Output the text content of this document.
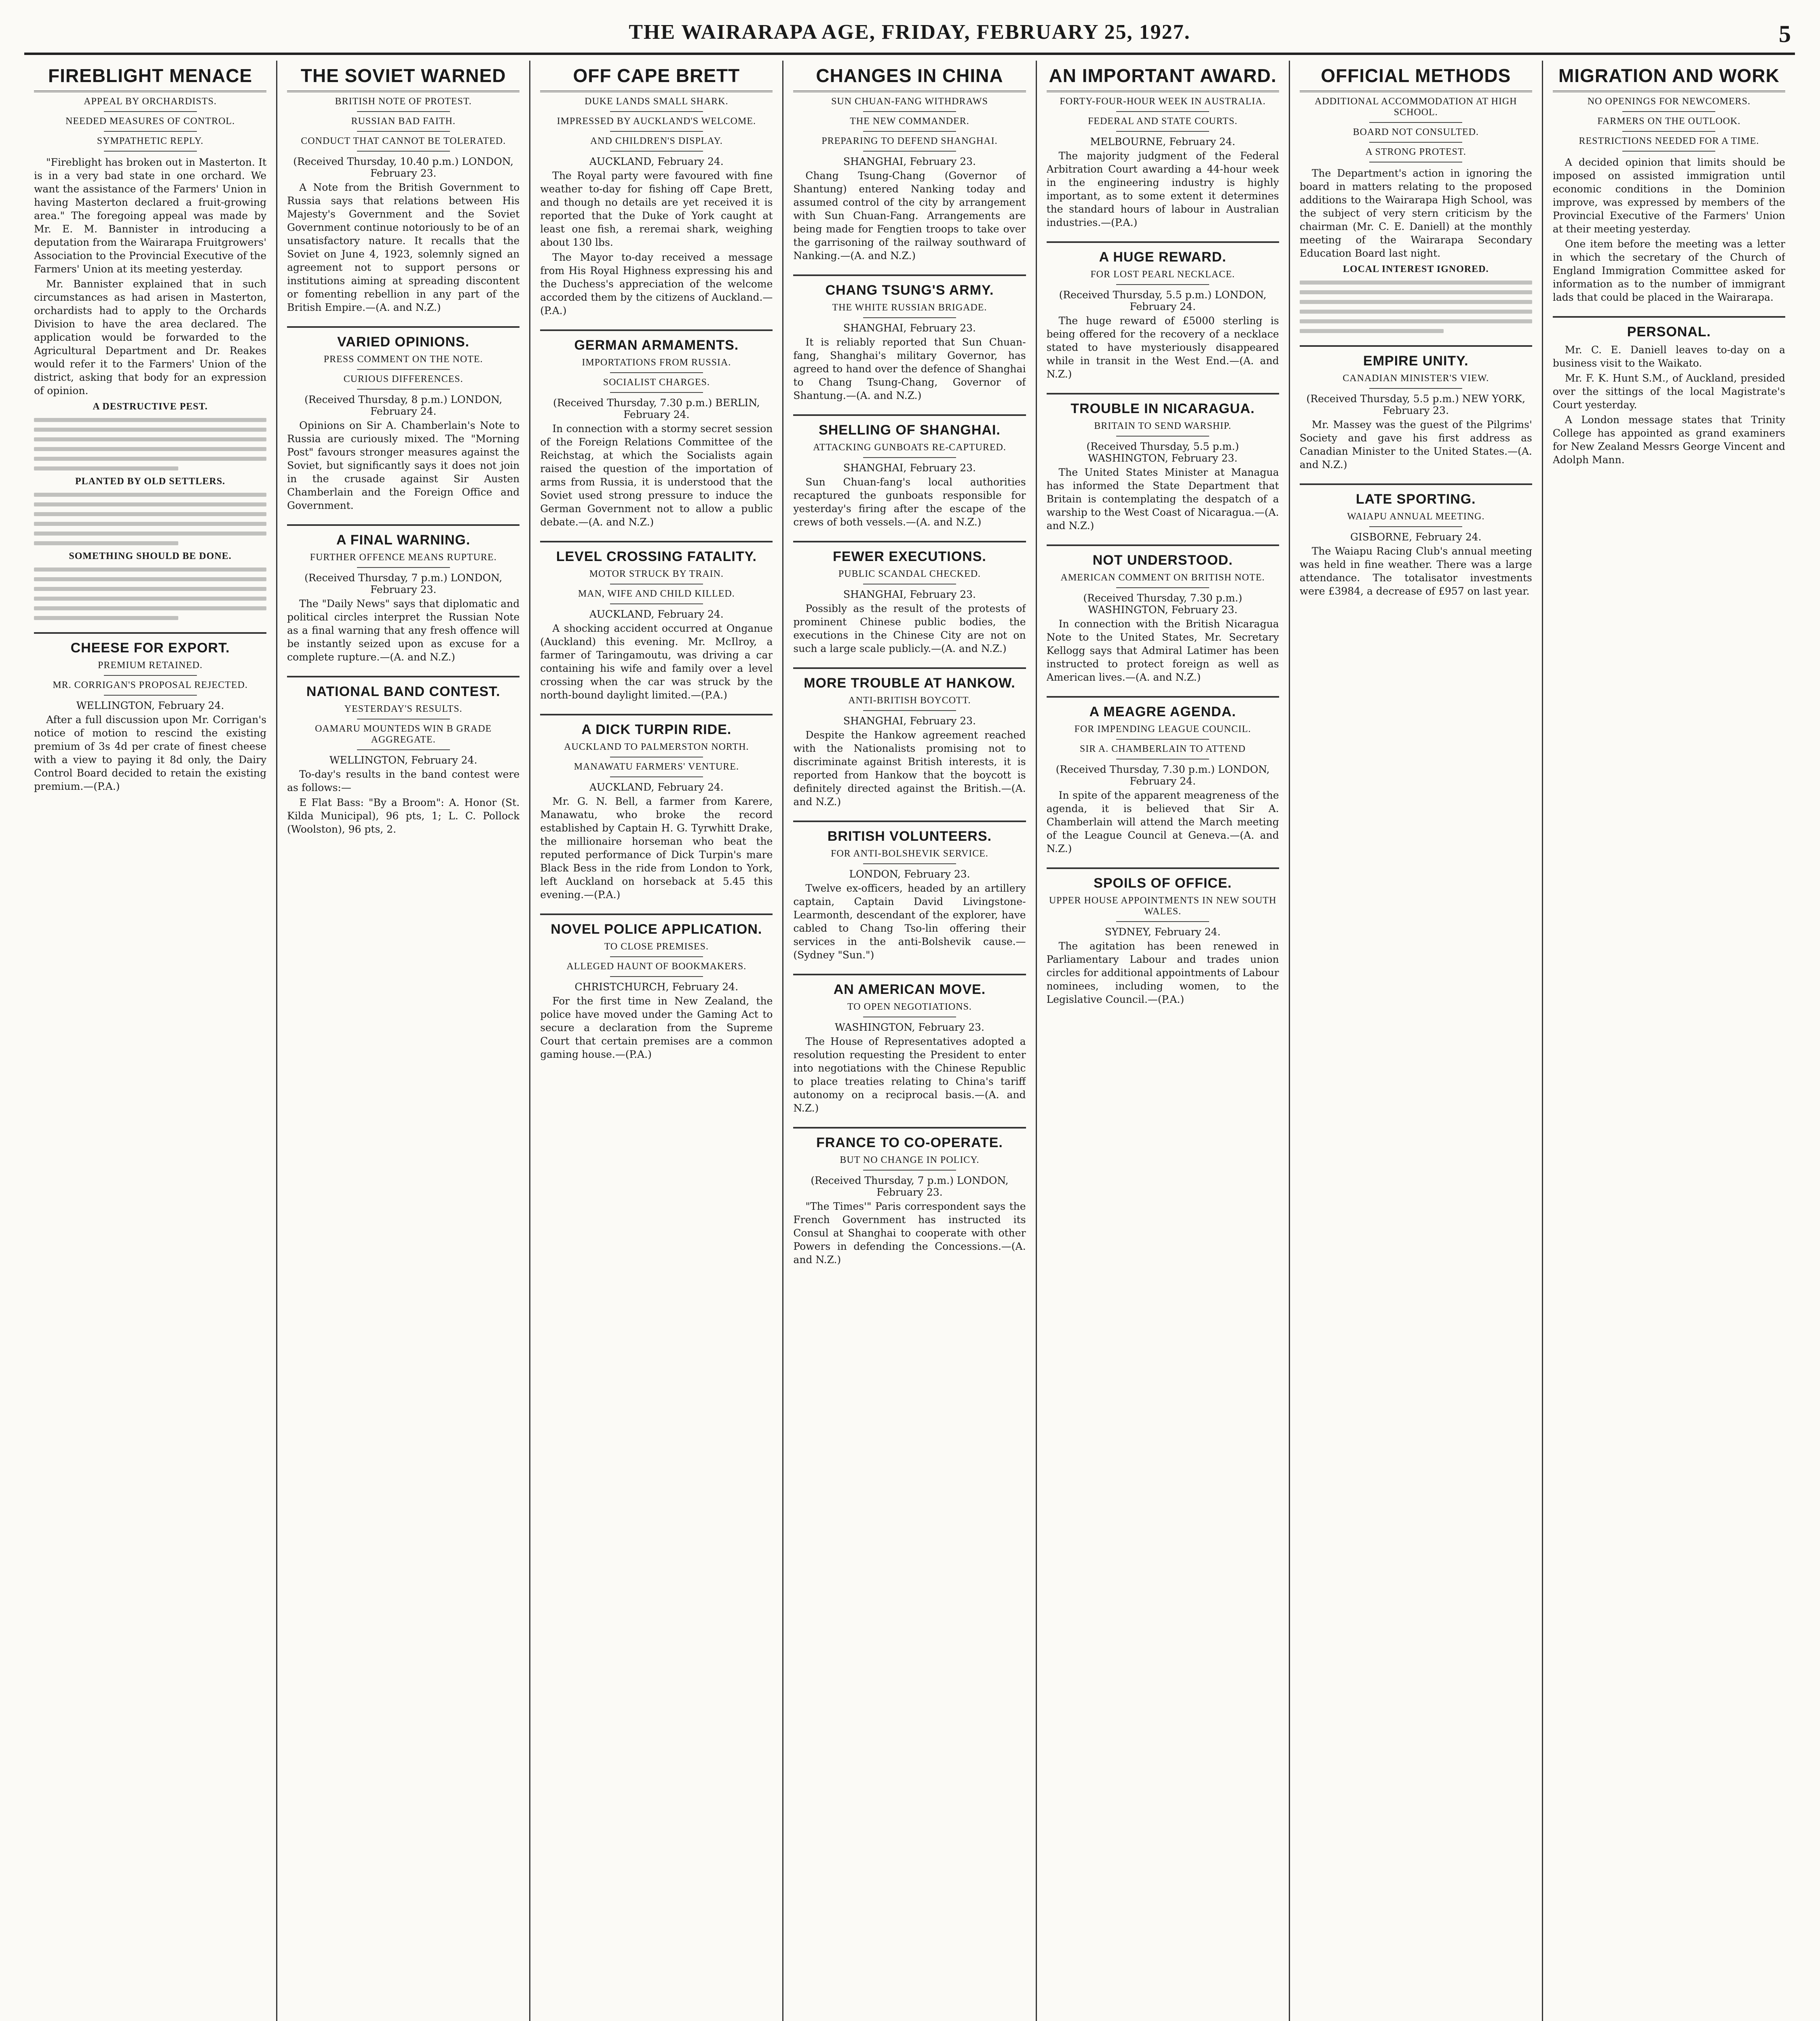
THE WAIRARAPA AGE, FRIDAY, FEBRUARY 25, 1927.	5
FIREBLIGHT MENACE
APPEAL BY ORCHARDISTS.
NEEDED MEASURES OF CONTROL.
SYMPATHETIC REPLY.

"Fireblight has broken out in Masterton. It is in a very bad state in one orchard. We want the assistance of the Farmers' Union in having Masterton declared a fruit-growing area." The foregoing appeal was made by Mr. E. M. Bannister in introducing a deputation from the Wairarapa Fruitgrowers' Association to the Provincial Executive of the Farmers' Union at its meeting yesterday.

Mr. Bannister explained that in such circumstances as had arisen in Masterton, orchardists had to apply to the Orchards Division to have the area declared. The application would be forwarded to the Agricultural Department and Dr. Reakes would refer it to the Farmers' Union of the district, asking that body for an expression of opinion.

A DESTRUCTIVE PEST.
PLANTED BY OLD SETTLERS.
SOMETHING SHOULD BE DONE.
CHEESE FOR EXPORT.
PREMIUM RETAINED.
MR. CORRIGAN'S PROPOSAL REJECTED.
WELLINGTON, February 24.

After a full discussion upon Mr. Corrigan's notice of motion to rescind the existing premium of 3s 4d per crate of finest cheese with a view to paying it 8d only, the Dairy Control Board decided to retain the existing premium.—(P.A.)

THE SOVIET WARNED
BRITISH NOTE OF PROTEST.
RUSSIAN BAD FAITH.
CONDUCT THAT CANNOT BE TOLERATED.
(Received Thursday, 10.40 p.m.) LONDON, February 23.

A Note from the British Government to Russia says that relations between His Majesty's Government and the Soviet Government continue notoriously to be of an unsatisfactory nature. It recalls that the Soviet on June 4, 1923, solemnly signed an agreement not to support persons or institutions aiming at spreading discontent or fomenting rebellion in any part of the British Empire.—(A. and N.Z.)

VARIED OPINIONS.
PRESS COMMENT ON THE NOTE.
CURIOUS DIFFERENCES.
(Received Thursday, 8 p.m.) LONDON, February 24.

Opinions on Sir A. Chamberlain's Note to Russia are curiously mixed. The "Morning Post" favours stronger measures against the Soviet, but significantly says it does not join in the crusade against Sir Austen Chamberlain and the Foreign Office and Government.

A FINAL WARNING.
FURTHER OFFENCE MEANS RUPTURE.
(Received Thursday, 7 p.m.) LONDON, February 23.

The "Daily News" says that diplomatic and political circles interpret the Russian Note as a final warning that any fresh offence will be instantly seized upon as excuse for a complete rupture.—(A. and N.Z.)

NATIONAL BAND CONTEST.
YESTERDAY'S RESULTS.
OAMARU MOUNTEDS WIN B GRADE AGGREGATE.
WELLINGTON, February 24.

To-day's results in the band contest were as follows:—

E Flat Bass: "By a Broom": A. Honor (St. Kilda Municipal), 96 pts, 1; L. C. Pollock (Woolston), 96 pts, 2.

OFF CAPE BRETT
DUKE LANDS SMALL SHARK.
IMPRESSED BY AUCKLAND'S WELCOME.
AND CHILDREN'S DISPLAY.
AUCKLAND, February 24.

The Royal party were favoured with fine weather to-day for fishing off Cape Brett, and though no details are yet received it is reported that the Duke of York caught at least one fish, a reremai shark, weighing about 130 lbs.

The Mayor to-day received a message from His Royal Highness expressing his and the Duchess's appreciation of the welcome accorded them by the citizens of Auckland.—(P.A.)

GERMAN ARMAMENTS.
IMPORTATIONS FROM RUSSIA.
SOCIALIST CHARGES.
(Received Thursday, 7.30 p.m.) BERLIN, February 24.

In connection with a stormy secret session of the Foreign Relations Committee of the Reichstag, at which the Socialists again raised the question of the importation of arms from Russia, it is understood that the Soviet used strong pressure to induce the German Government not to allow a public debate.—(A. and N.Z.)

LEVEL CROSSING FATALITY.
MOTOR STRUCK BY TRAIN.
MAN, WIFE AND CHILD KILLED.
AUCKLAND, February 24.

A shocking accident occurred at Onganue (Auckland) this evening. Mr. McIlroy, a farmer of Taringamoutu, was driving a car containing his wife and family over a level crossing when the car was struck by the north-bound daylight limited.—(P.A.)

A DICK TURPIN RIDE.
AUCKLAND TO PALMERSTON NORTH.
MANAWATU FARMERS' VENTURE.
AUCKLAND, February 24.

Mr. G. N. Bell, a farmer from Karere, Manawatu, who broke the record established by Captain H. G. Tyrwhitt Drake, the millionaire horseman who beat the reputed performance of Dick Turpin's mare Black Bess in the ride from London to York, left Auckland on horseback at 5.45 this evening.—(P.A.)

NOVEL POLICE APPLICATION.
TO CLOSE PREMISES.
ALLEGED HAUNT OF BOOKMAKERS.
CHRISTCHURCH, February 24.

For the first time in New Zealand, the police have moved under the Gaming Act to secure a declaration from the Supreme Court that certain premises are a common gaming house.—(P.A.)

CHANGES IN CHINA
SUN CHUAN-FANG WITHDRAWS
THE NEW COMMANDER.
PREPARING TO DEFEND SHANGHAI.
SHANGHAI, February 23.

Chang Tsung-Chang (Governor of Shantung) entered Nanking today and assumed control of the city by arrangement with Sun Chuan-Fang. Arrangements are being made for Fengtien troops to take over the garrisoning of the railway southward of Nanking.—(A. and N.Z.)

CHANG TSUNG'S ARMY.
THE WHITE RUSSIAN BRIGADE.
SHANGHAI, February 23.

It is reliably reported that Sun Chuan-fang, Shanghai's military Governor, has agreed to hand over the defence of Shanghai to Chang Tsung-Chang, Governor of Shantung.—(A. and N.Z.)

SHELLING OF SHANGHAI.
ATTACKING GUNBOATS RE-CAPTURED.
SHANGHAI, February 23.

Sun Chuan-fang's local authorities recaptured the gunboats responsible for yesterday's firing after the escape of the crews of both vessels.—(A. and N.Z.)

FEWER EXECUTIONS.
PUBLIC SCANDAL CHECKED.
SHANGHAI, February 23.

Possibly as the result of the protests of prominent Chinese public bodies, the executions in the Chinese City are not on such a large scale publicly.—(A. and N.Z.)

MORE TROUBLE AT HANKOW.
ANTI-BRITISH BOYCOTT.
SHANGHAI, February 23.

Despite the Hankow agreement reached with the Nationalists promising not to discriminate against British interests, it is reported from Hankow that the boycott is definitely directed against the British.—(A. and N.Z.)

BRITISH VOLUNTEERS.
FOR ANTI-BOLSHEVIK SERVICE.
LONDON, February 23.

Twelve ex-officers, headed by an artillery captain, Captain David Livingstone-Learmonth, descendant of the explorer, have cabled to Chang Tso-lin offering their services in the anti-Bolshevik cause.—(Sydney "Sun.")

AN AMERICAN MOVE.
TO OPEN NEGOTIATIONS.
WASHINGTON, February 23.

The House of Representatives adopted a resolution requesting the President to enter into negotiations with the Chinese Republic to place treaties relating to China's tariff autonomy on a reciprocal basis.—(A. and N.Z.)

FRANCE TO CO-OPERATE.
BUT NO CHANGE IN POLICY.
(Received Thursday, 7 p.m.) LONDON, February 23.

"The Times'" Paris correspondent says the French Government has instructed its Consul at Shanghai to cooperate with other Powers in defending the Concessions.—(A. and N.Z.)

AN IMPORTANT AWARD.
FORTY-FOUR-HOUR WEEK IN AUSTRALIA.
FEDERAL AND STATE COURTS.
MELBOURNE, February 24.

The majority judgment of the Federal Arbitration Court awarding a 44-hour week in the engineering industry is highly important, as to some extent it determines the standard hours of labour in Australian industries.—(P.A.)

A HUGE REWARD.
FOR LOST PEARL NECKLACE.
(Received Thursday, 5.5 p.m.) LONDON, February 24.

The huge reward of £5000 sterling is being offered for the recovery of a necklace stated to have mysteriously disappeared while in transit in the West End.—(A. and N.Z.)

TROUBLE IN NICARAGUA.
BRITAIN TO SEND WARSHIP.
(Received Thursday, 5.5 p.m.) WASHINGTON, February 23.

The United States Minister at Managua has informed the State Department that Britain is contemplating the despatch of a warship to the West Coast of Nicaragua.—(A. and N.Z.)

NOT UNDERSTOOD.
AMERICAN COMMENT ON BRITISH NOTE.
(Received Thursday, 7.30 p.m.) WASHINGTON, February 23.

In connection with the British Nicaragua Note to the United States, Mr. Secretary Kellogg says that Admiral Latimer has been instructed to protect foreign as well as American lives.—(A. and N.Z.)

A MEAGRE AGENDA.
FOR IMPENDING LEAGUE COUNCIL.
SIR A. CHAMBERLAIN TO ATTEND
(Received Thursday, 7.30 p.m.) LONDON, February 24.

In spite of the apparent meagreness of the agenda, it is believed that Sir A. Chamberlain will attend the March meeting of the League Council at Geneva.—(A. and N.Z.)

SPOILS OF OFFICE.
UPPER HOUSE APPOINTMENTS IN NEW SOUTH WALES.
SYDNEY, February 24.

The agitation has been renewed in Parliamentary Labour and trades union circles for additional appointments of Labour nominees, including women, to the Legislative Council.—(P.A.)

OFFICIAL METHODS
ADDITIONAL ACCOMMODATION AT HIGH SCHOOL.
BOARD NOT CONSULTED.
A STRONG PROTEST.

The Department's action in ignoring the board in matters relating to the proposed additions to the Wairarapa High School, was the subject of very stern criticism by the chairman (Mr. C. E. Daniell) at the monthly meeting of the Wairarapa Secondary Education Board last night.

LOCAL INTEREST IGNORED.
EMPIRE UNITY.
CANADIAN MINISTER'S VIEW.
(Received Thursday, 5.5 p.m.) NEW YORK, February 23.

Mr. Massey was the guest of the Pilgrims' Society and gave his first address as Canadian Minister to the United States.—(A. and N.Z.)

LATE SPORTING.
WAIAPU ANNUAL MEETING.
GISBORNE, February 24.

The Waiapu Racing Club's annual meeting was held in fine weather. There was a large attendance. The totalisator investments were £3984, a decrease of £957 on last year.

MIGRATION AND WORK
NO OPENINGS FOR NEWCOMERS.
FARMERS ON THE OUTLOOK.
RESTRICTIONS NEEDED FOR A TIME.

A decided opinion that limits should be imposed on assisted immigration until economic conditions in the Dominion improve, was expressed by members of the Provincial Executive of the Farmers' Union at their meeting yesterday.

One item before the meeting was a letter in which the secretary of the Church of England Immigration Committee asked for information as to the number of immigrant lads that could be placed in the Wairarapa.

PERSONAL.

Mr. C. E. Daniell leaves to-day on a business visit to the Waikato.

Mr. F. K. Hunt S.M., of Auckland, presided over the sittings of the local Magistrate's Court yesterday.

A London message states that Trinity College has appointed as grand examiners for New Zealand Messrs George Vincent and Adolph Mann.
